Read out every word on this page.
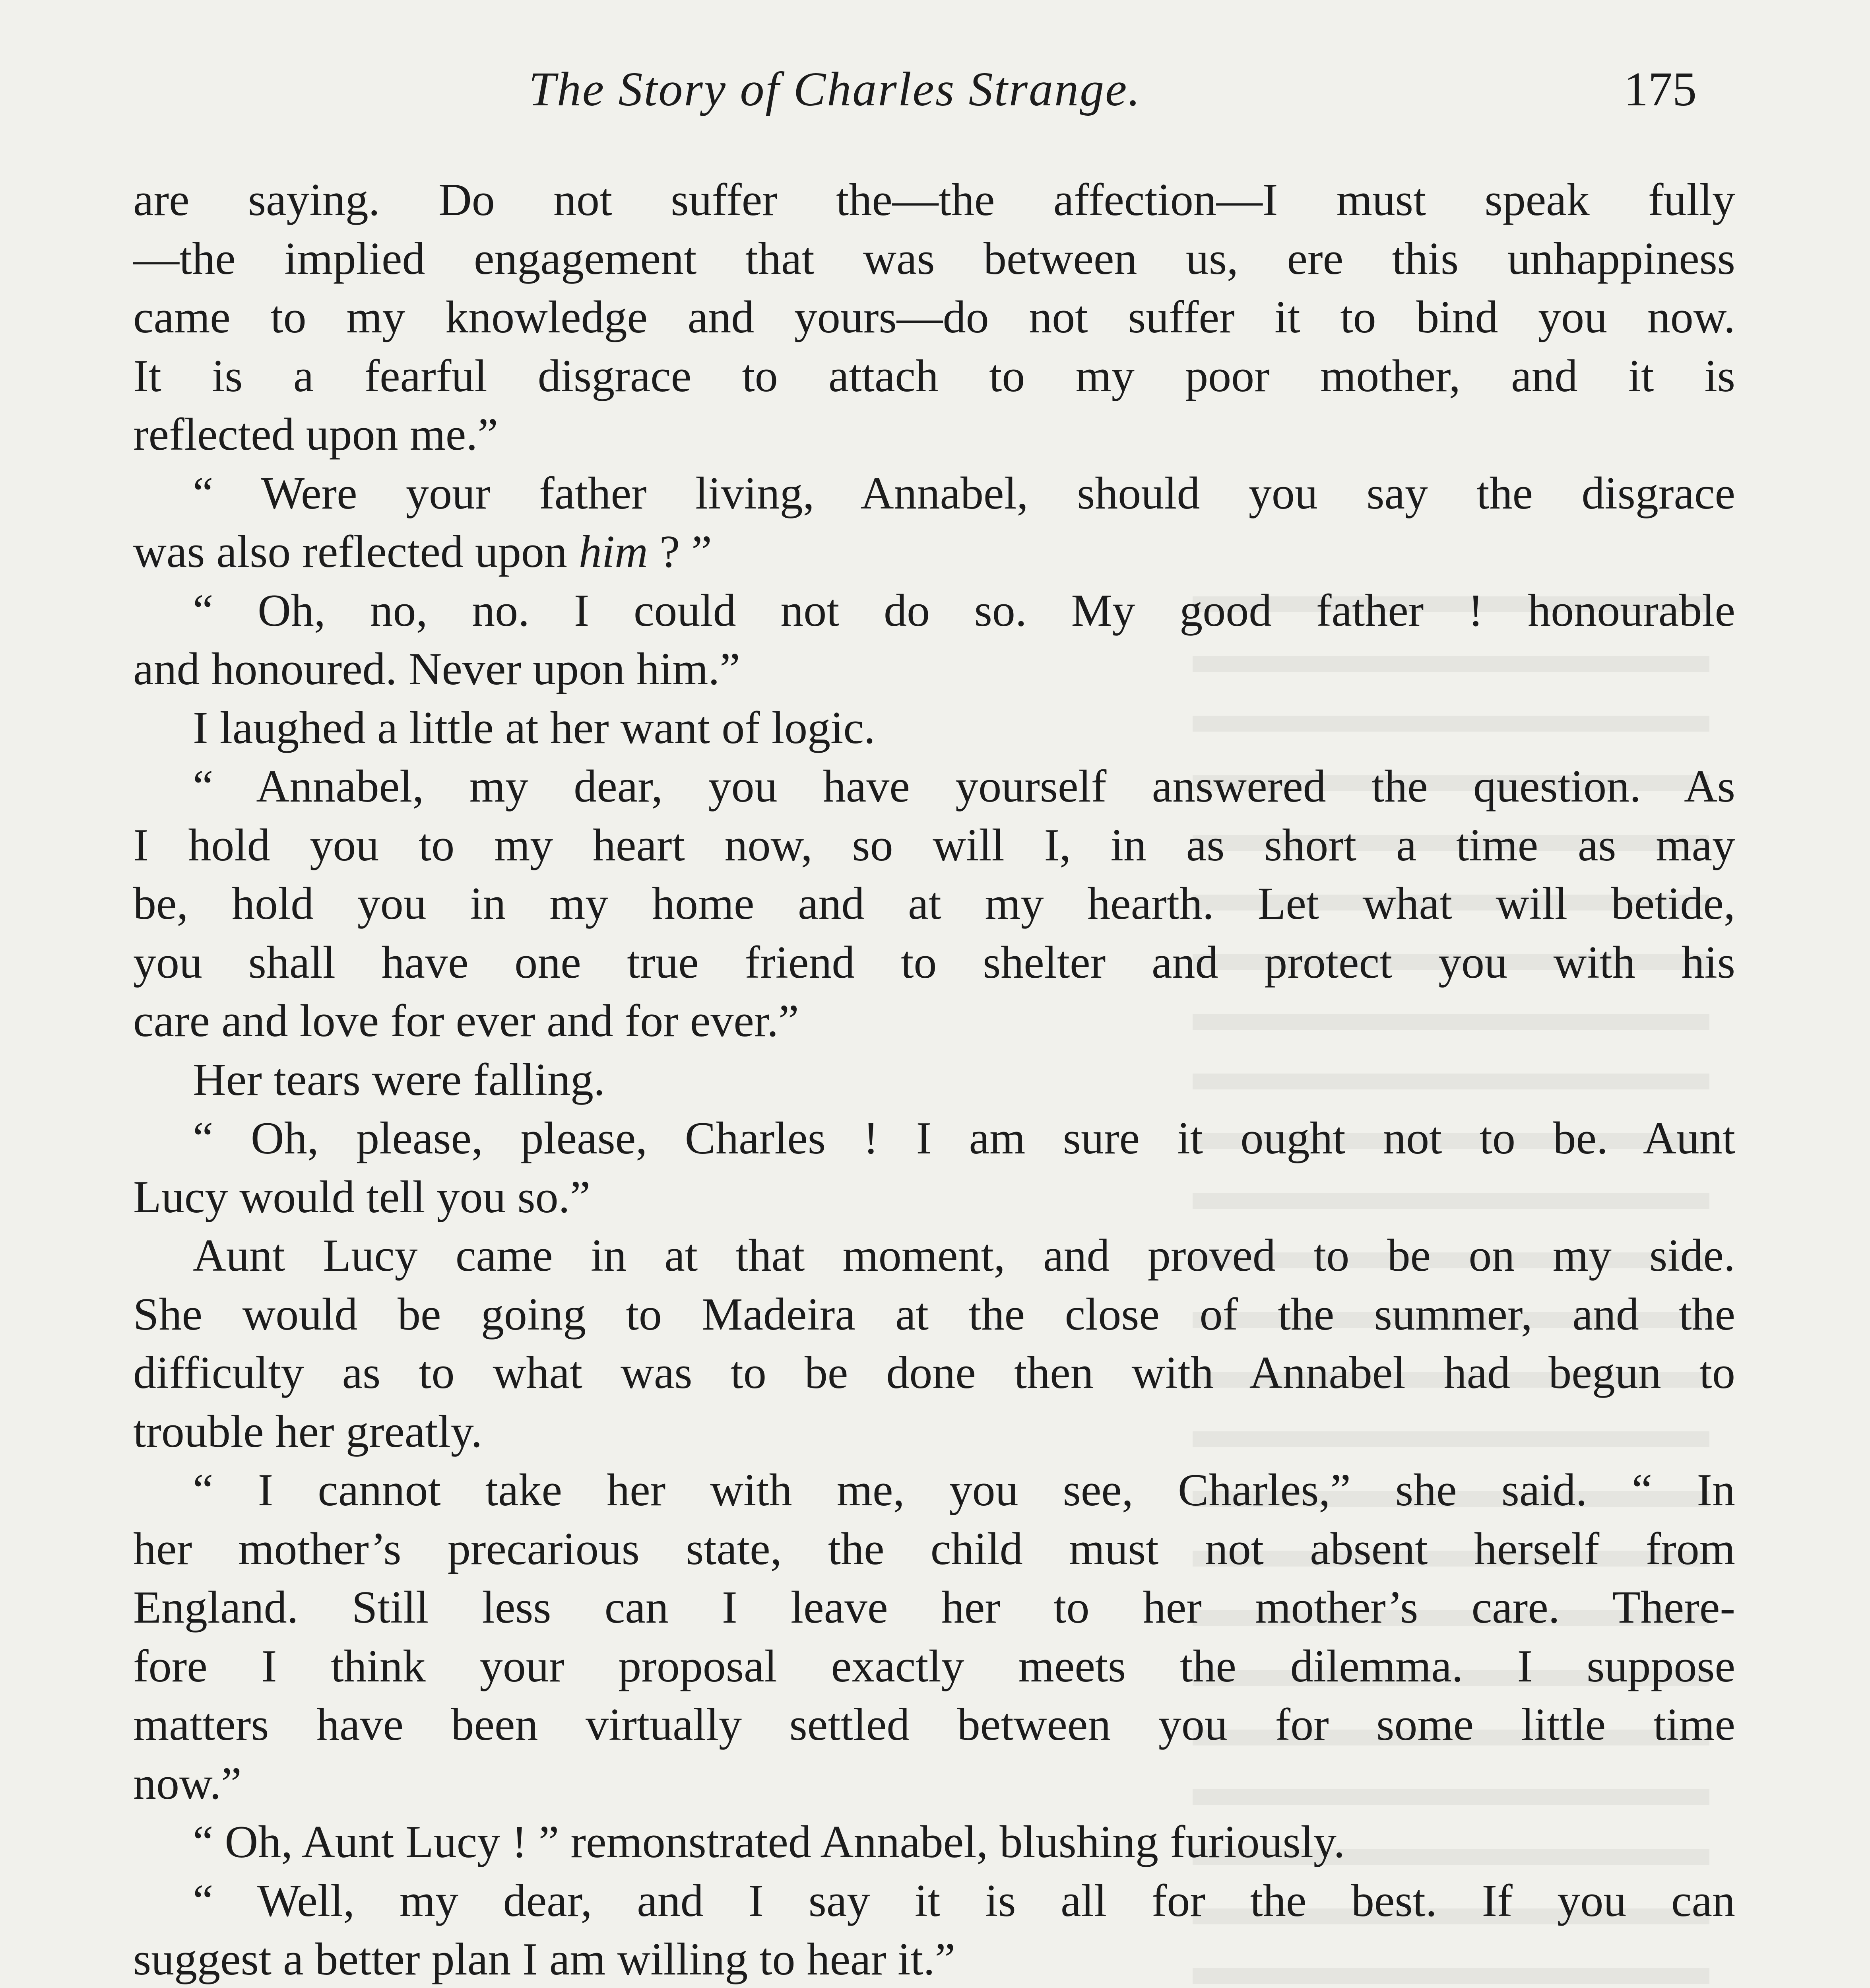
The Story of Charles Strange.	175
are saying. Do not suffer the—the affection—I must speak fully
—the implied engagement that was between us, ere this unhappiness
came to my knowledge and yours—do not suffer it to bind you now.
It is a fearful disgrace to attach to my poor mother, and it is
reflected upon me.”
“ Were your father living, Annabel, should you say the disgrace
was also reflected upon him ? ”
“ Oh, no, no. I could not do so. My good father ! honourable
and honoured. Never upon him.”
I laughed a little at her want of logic.
“ Annabel, my dear, you have yourself answered the question. As
I hold you to my heart now, so will I, in as short a time as may
be, hold you in my home and at my hearth. Let what will betide,
you shall have one true friend to shelter and protect you with his
care and love for ever and for ever.”
Her tears were falling.
“ Oh, please, please, Charles ! I am sure it ought not to be. Aunt
Lucy would tell you so.”
Aunt Lucy came in at that moment, and proved to be on my side.
She would be going to Madeira at the close of the summer, and the
difficulty as to what was to be done then with Annabel had begun to
trouble her greatly.
“ I cannot take her with me, you see, Charles,” she said. “ In
her mother’s precarious state, the child must not absent herself from
England. Still less can I leave her to her mother’s care. There-
fore I think your proposal exactly meets the dilemma. I suppose
matters have been virtually settled between you for some little time
now.”
“ Oh, Aunt Lucy ! ” remonstrated Annabel, blushing furiously.
“ Well, my dear, and I say it is all for the best. If you can
suggest a better plan I am willing to hear it.”
